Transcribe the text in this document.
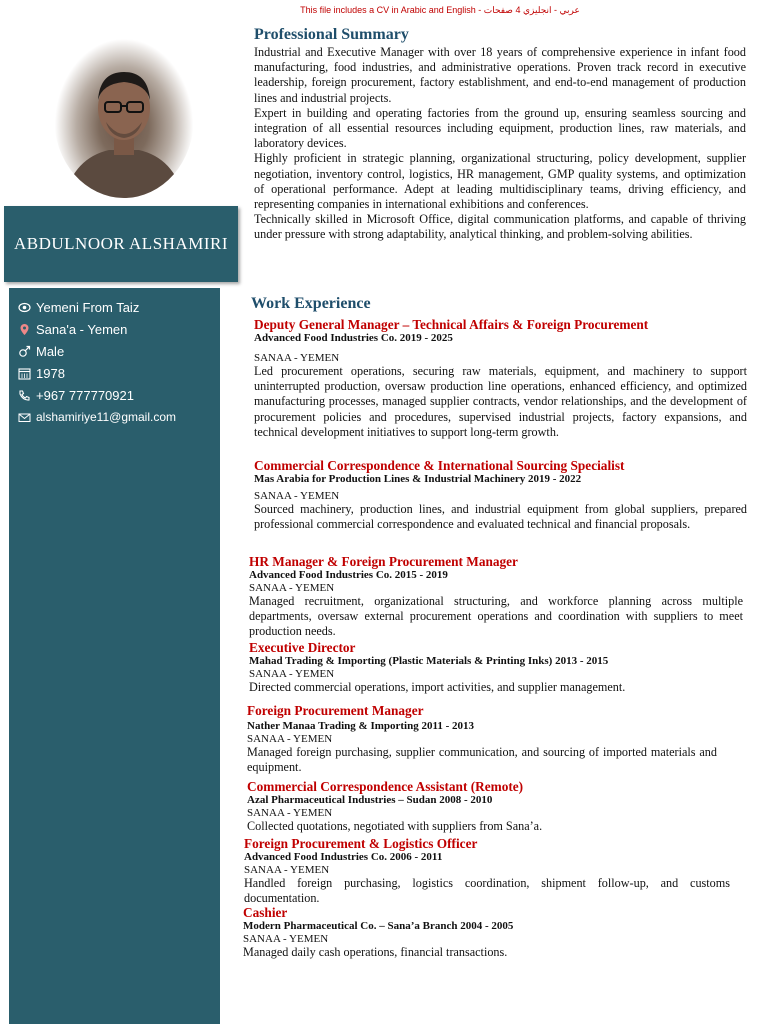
This file includes a CV in Arabic and English - عربي - انجليزي 4 صفحات
ABDULNOOR ALSHAMIRI
Yemeni From Taiz
Sana'a - Yemen
Male
1978
+967 777770921
alshamiriye11@gmail.com
Professional Summary

Industrial and Executive Manager with over 18 years of comprehensive experience in infant food manufacturing, food industries, and administrative operations. Proven track record in executive leadership, foreign procurement, factory establishment, and end-to-end management of production lines and industrial projects.

Expert in building and operating factories from the ground up, ensuring seamless sourcing and integration of all essential resources including equipment, production lines, raw materials, and laboratory devices.

Highly proficient in strategic planning, organizational structuring, policy development, supplier negotiation, inventory control, logistics, HR management, GMP quality systems, and optimization of operational performance. Adept at leading multidisciplinary teams, driving efficiency, and representing companies in international exhibitions and conferences.

Technically skilled in Microsoft Office, digital communication platforms, and capable of thriving under pressure with strong adaptability, analytical thinking, and problem-solving abilities.

Work Experience
Deputy General Manager – Technical Affairs & Foreign Procurement
Advanced Food Industries Co. 2019 - 2025
SANAA - YEMEN
Led procurement operations, securing raw materials, equipment, and machinery to support uninterrupted production, oversaw production line operations, enhanced efficiency, and optimized manufacturing processes, managed supplier contracts, vendor relationships, and the development of procurement policies and procedures, supervised industrial projects, factory expansions, and technical development initiatives to support long-term growth.
Commercial Correspondence & International Sourcing Specialist
Mas Arabia for Production Lines & Industrial Machinery 2019 - 2022
SANAA - YEMEN
Sourced machinery, production lines, and industrial equipment from global suppliers, prepared professional commercial correspondence and evaluated technical and financial proposals.
HR Manager & Foreign Procurement Manager
Advanced Food Industries Co. 2015 - 2019
SANAA - YEMEN
Managed recruitment, organizational structuring, and workforce planning across multiple departments, oversaw external procurement operations and coordination with suppliers to meet production needs.
Executive Director
Mahad Trading & Importing (Plastic Materials & Printing Inks) 2013 - 2015
SANAA - YEMEN
Directed commercial operations, import activities, and supplier management.
Foreign Procurement Manager
Nather Manaa Trading & Importing 2011 - 2013
SANAA - YEMEN
Managed foreign purchasing, supplier communication, and sourcing of imported materials and equipment.
Commercial Correspondence Assistant (Remote)
Azal Pharmaceutical Industries – Sudan 2008 - 2010
SANAA - YEMEN
Collected quotations, negotiated with suppliers from Sana’a.
Foreign Procurement & Logistics Officer
Advanced Food Industries Co. 2006 - 2011
SANAA - YEMEN
Handled foreign purchasing, logistics coordination, shipment follow-up, and customs documentation.
Cashier
Modern Pharmaceutical Co. – Sana’a Branch 2004 - 2005
SANAA - YEMEN
Managed daily cash operations, financial transactions.
